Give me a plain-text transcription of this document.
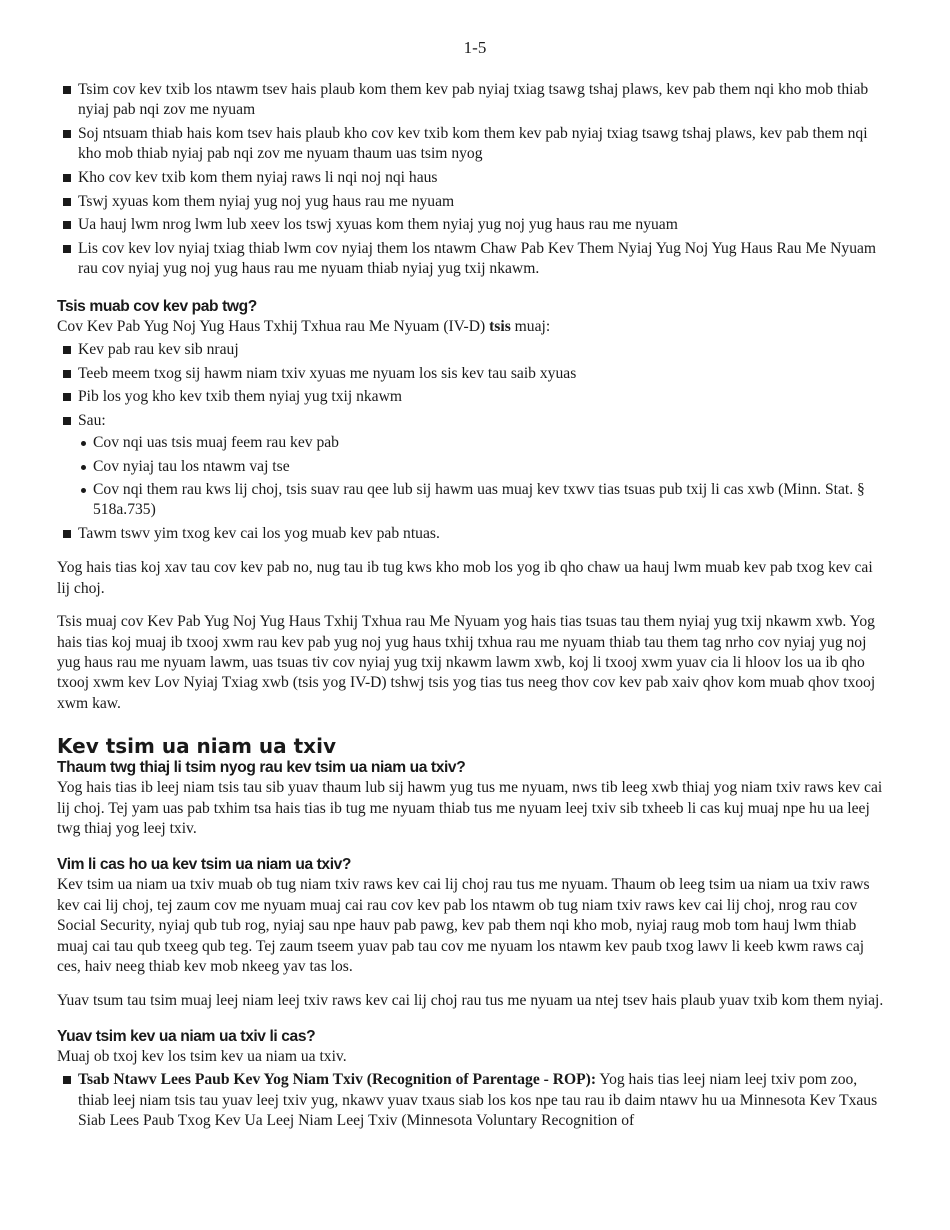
1-5
Tsim cov kev txib los ntawm tsev hais plaub kom them kev pab nyiaj txiag tsawg tshaj plaws, kev pab them nqi kho mob thiab nyiaj pab nqi zov me nyuam
Soj ntsuam thiab hais kom tsev hais plaub kho cov kev txib kom them kev pab nyiaj txiag tsawg tshaj plaws, kev pab them nqi kho mob thiab nyiaj pab nqi zov me nyuam thaum uas tsim nyog
Kho cov kev txib kom them nyiaj raws li nqi noj nqi haus
Tswj xyuas kom them nyiaj yug noj yug haus rau me nyuam
Ua hauj lwm nrog lwm lub xeev los tswj xyuas kom them nyiaj yug noj yug haus rau me nyuam
Lis cov kev lov nyiaj txiag thiab lwm cov nyiaj them los ntawm Chaw Pab Kev Them Nyiaj Yug Noj Yug Haus Rau Me Nyuam rau cov nyiaj yug noj yug haus rau me nyuam thiab nyiaj yug txij nkawm.
Tsis muab cov kev pab twg?

Cov Kev Pab Yug Noj Yug Haus Txhij Txhua rau Me Nyuam (IV-D) tsis muaj:

Kev pab rau kev sib nrauj
Teeb meem txog sij hawm niam txiv xyuas me nyuam los sis kev tau saib xyuas
Pib los yog kho kev txib them nyiaj yug txij nkawm
Sau:
Cov nqi uas tsis muaj feem rau kev pab
Cov nyiaj tau los ntawm vaj tse
Cov nqi them rau kws lij choj, tsis suav rau qee lub sij hawm uas muaj kev txwv tias tsuas pub txij li cas xwb (Minn. Stat. § 518a.735)
Tawm tswv yim txog kev cai los yog muab kev pab ntuas.

Yog hais tias koj xav tau cov kev pab no, nug tau ib tug kws kho mob los yog ib qho chaw ua hauj lwm muab kev pab txog kev cai lij choj.

Tsis muaj cov Kev Pab Yug Noj Yug Haus Txhij Txhua rau Me Nyuam yog hais tias tsuas tau them nyiaj yug txij nkawm xwb. Yog hais tias koj muaj ib txooj xwm rau kev pab yug noj yug haus txhij txhua rau me nyuam thiab tau them tag nrho cov nyiaj yug noj yug haus rau me nyuam lawm, uas tsuas tiv cov nyiaj yug txij nkawm lawm xwb, koj li txooj xwm yuav cia li hloov los ua ib qho txooj xwm kev Lov Nyiaj Txiag xwb (tsis yog IV-D) tshwj tsis yog tias tus neeg thov cov kev pab xaiv qhov kom muab qhov txooj xwm kaw.

Kev tsim ua niam ua txiv
Thaum twg thiaj li tsim nyog rau kev tsim ua niam ua txiv?

Yog hais tias ib leej niam tsis tau sib yuav thaum lub sij hawm yug tus me nyuam, nws tib leeg xwb thiaj yog niam txiv raws kev cai lij choj. Tej yam uas pab txhim tsa hais tias ib tug me nyuam thiab tus me nyuam leej txiv sib txheeb li cas kuj muaj npe hu ua leej twg thiaj yog leej txiv.

Vim li cas ho ua kev tsim ua niam ua txiv?

Kev tsim ua niam ua txiv muab ob tug niam txiv raws kev cai lij choj rau tus me nyuam. Thaum ob leeg tsim ua niam ua txiv raws kev cai lij choj, tej zaum cov me nyuam muaj cai rau cov kev pab los ntawm ob tug niam txiv raws kev cai lij choj, nrog rau cov Social Security, nyiaj qub tub rog, nyiaj sau npe hauv pab pawg, kev pab them nqi kho mob, nyiaj raug mob tom hauj lwm thiab muaj cai tau qub txeeg qub teg. Tej zaum tseem yuav pab tau cov me nyuam los ntawm kev paub txog lawv li keeb kwm raws caj ces, haiv neeg thiab kev mob nkeeg yav tas los.

Yuav tsum tau tsim muaj leej niam leej txiv raws kev cai lij choj rau tus me nyuam ua ntej tsev hais plaub yuav txib kom them nyiaj.

Yuav tsim kev ua niam ua txiv li cas?

Muaj ob txoj kev los tsim kev ua niam ua txiv.

Tsab Ntawv Lees Paub Kev Yog Niam Txiv (Recognition of Parentage - ROP): Yog hais tias leej niam leej txiv pom zoo, thiab leej niam tsis tau yuav leej txiv yug, nkawv yuav txaus siab los kos npe tau rau ib daim ntawv hu ua Minnesota Kev Txaus Siab Lees Paub Txog Kev Ua Leej Niam Leej Txiv (Minnesota Voluntary Recognition of
